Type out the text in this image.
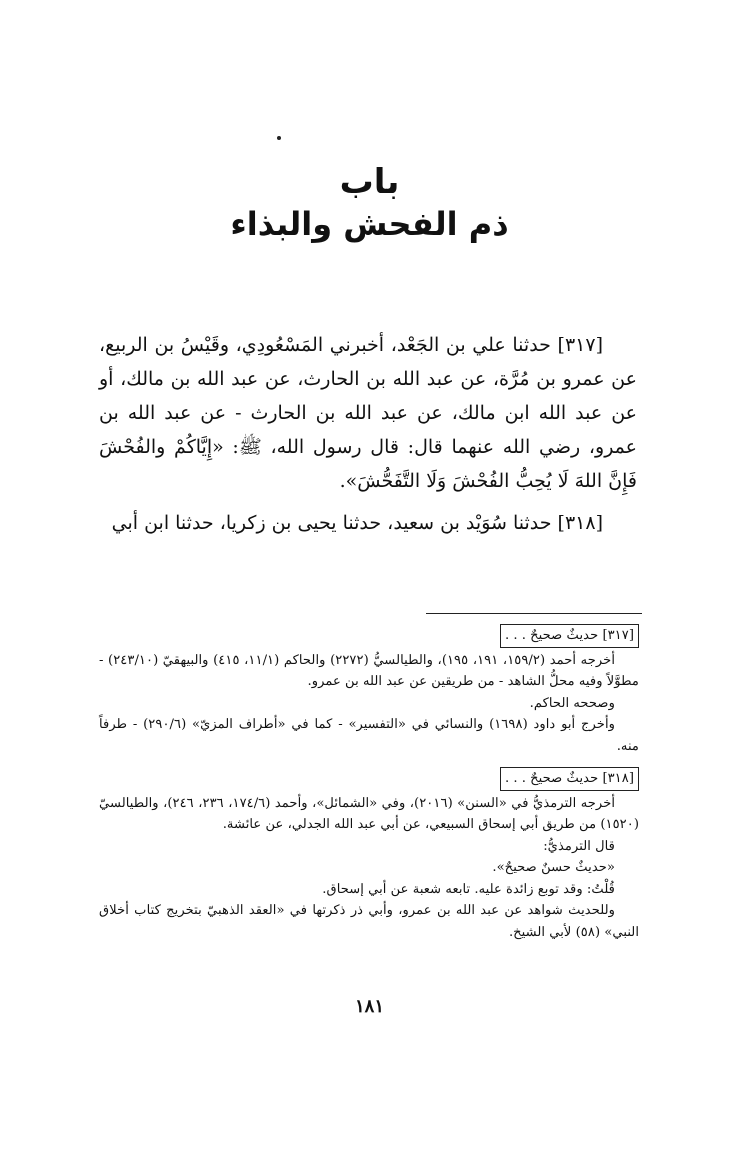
باب
ذم الفحش والبذاء

[٣١٧] حدثنا علي بن الجَعْد، أخبرني المَسْعُودِي، وقَيْسُ بن الربيع، عن عمرو بن مُرَّة، عن عبد الله بن الحارث، عن عبد الله بن مالك، أو عن عبد الله ابن مالك، عن عبد الله بن الحارث - عن عبد الله بن عمرو، رضي الله عنهما قال: قال رسول الله، ﷺ: «إِيَّاكُمْ والفُحْشَ فَإِنَّ اللهَ لَا يُحِبُّ الفُحْشَ وَلَا التَّفَحُّشَ».

[٣١٨] حدثنا سُوَيْد بن سعيد، حدثنا يحيى بن زكريا، حدثنا ابن أبي

[٣١٧] حديثٌ صحيحٌ . . .

أخرجه أحمد (١٥٩/٢، ١٩١، ١٩٥)، والطيالسيُّ (٢٢٧٢) والحاكم (١١/١، ٤١٥) والبيهقيّ (٢٤٣/١٠) - مطوَّلاً وفيه محلُّ الشاهد - من طريقين عن عبد الله بن عمرو.

وصححه الحاكم.

وأخرج أبو داود (١٦٩٨) والنسائي في «التفسير» - كما في «أطراف المزيّ» (٢٩٠/٦) - طرفاً منه.

[٣١٨] حديثٌ صحيحٌ . . .

أخرجه الترمذيُّ في «السنن» (٢٠١٦)، وفي «الشمائل»، وأحمد (١٧٤/٦، ٢٣٦، ٢٤٦)، والطيالسيّ (١٥٢٠) من طريق أبي إسحاق السبيعي، عن أبي عبد الله الجدلي، عن عائشة.

قال الترمذيُّ:

«حديثٌ حسنٌ صحيحٌ».

قُلْتُ: وقد توبع زائدة عليه. تابعه شعبة عن أبي إسحاق.

وللحديث شواهد عن عبد الله بن عمرو، وأبي ذر ذكرتها في «العقد الذهبيّ بتخريج كتاب أخلاق النبي» (٥٨) لأبي الشيخ.

١٨١
